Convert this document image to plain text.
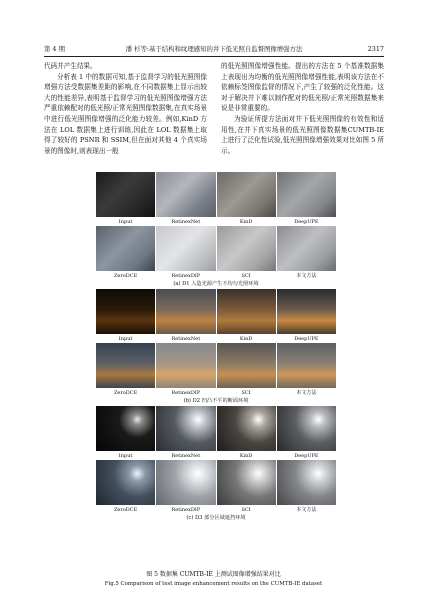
第 4 期	潘 杉等:基于结构和纹理感知的井下低光照自监督图像增强方法	2317

代码并产生结果。

分析表 1 中的数据可知,基于监督学习的低光照图像增强方法受数据集差距的影响,在不同数据集上显示出较大的性能差异,表明基于监督学习的低光照图像增强方法严重依赖配对的低光照/正常光照图像数据集,在真实场景中进行低光照图像增强的泛化能力较差。例如,KinD 方法在 LOL 数据集上进行训练,因此在 LOL 数据集上取得了较好的 PSNR 和 SSIM,但在面对其他 4 个真实场景的图像时,则表现出一般

的低光照图像增强性能。提出的方法在 5 个基准数据集上表现出为均衡的低光照图像增强性能,表明该方法在不依赖标签图像监督的情况下,产生了较强的泛化性能。这对于解决井下难以制作配对的低光照/正常光照数据集来说是非常重要的。

为验证所提方法面对井下低光照图像的有效性和适用性,在井下真实场景的低光照图像数据集CUMTB-IE 上进行了泛化性试验,低光照图像增强效果对比如图 5 所示。

Input	RetinexNet	KinD	DeepUPE
ZeroDCE	RetinexDIP	SCI	本文方法
(a) D1 人造光源产生不均匀光照环境
Input	RetinexNet	KinD	DeepUPE
ZeroDCE	RetinexDIP	SCI	本文方法
(b) D2 凹凸不平的断面环境
Input	RetinexNet	KinD	DeepUPE
ZeroDCE	RetinexDIP	SCI	本文方法
(c) D3 部分区域遮挡环境
图 5 数据集 CUMTB-IE 上测试图像增强结果对比
Fig.5 Comparison of test image enhancement results on the CUMTB-IE dataset
